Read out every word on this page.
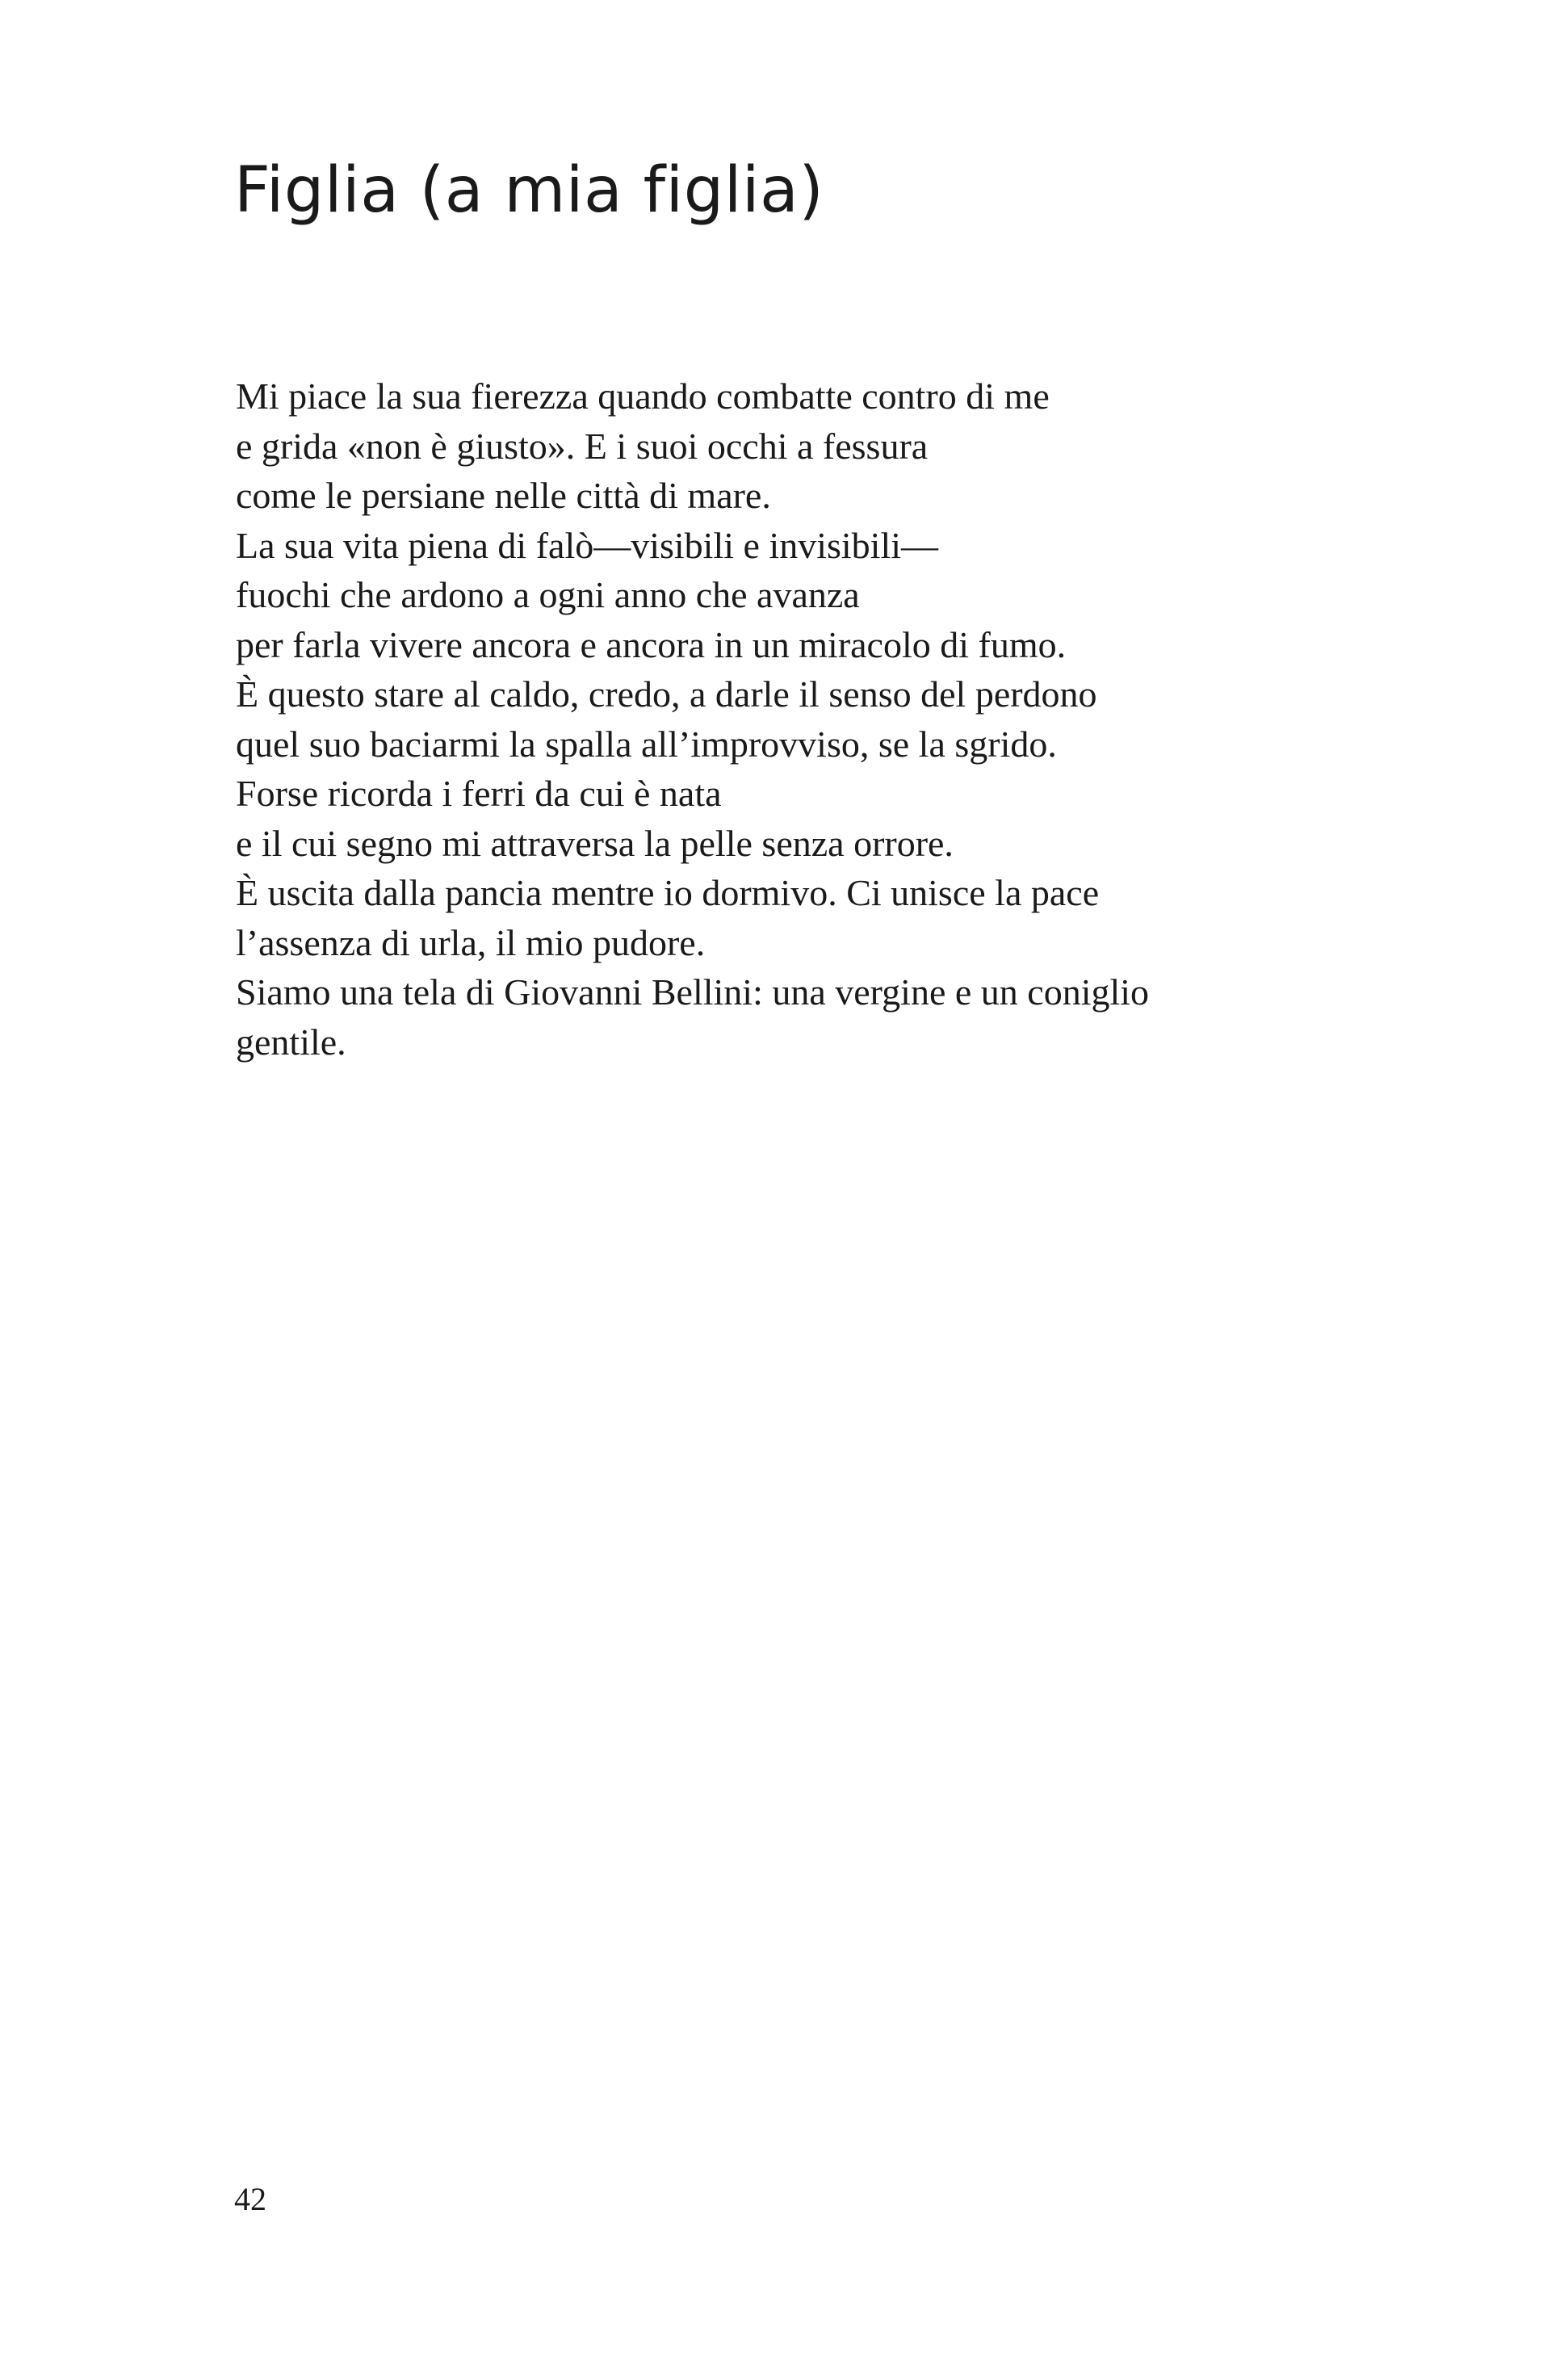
Figlia (a mia figlia)
Mi piace la sua fierezza quando combatte contro di me
e grida «non è giusto». E i suoi occhi a fessura
come le persiane nelle città di mare.
La sua vita piena di falò—visibili e invisibili—
fuochi che ardono a ogni anno che avanza
per farla vivere ancora e ancora in un miracolo di fumo.
È questo stare al caldo, credo, a darle il senso del perdono
quel suo baciarmi la spalla all’improvviso, se la sgrido.
Forse ricorda i ferri da cui è nata
e il cui segno mi attraversa la pelle senza orrore.
È uscita dalla pancia mentre io dormivo. Ci unisce la pace
l’assenza di urla, il mio pudore.
Siamo una tela di Giovanni Bellini: una vergine e un coniglio
gentile.
42
